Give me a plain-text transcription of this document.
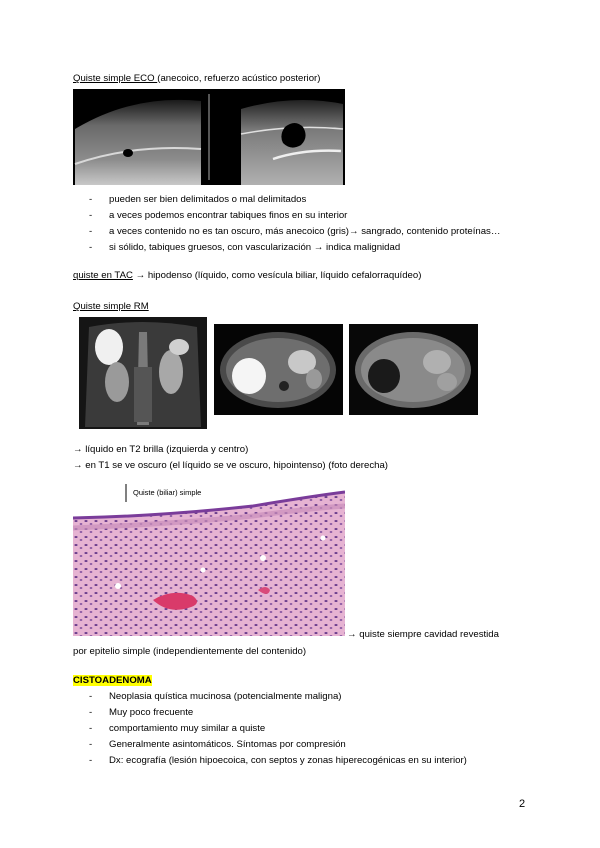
Quiste simple ECO (anecoico, refuerzo acústico posterior)
- pueden ser bien delimitados o mal delimitados
- a veces podemos encontrar tabiques finos en su interior
- a veces contenido no es tan oscuro, más anecoico (gris)→ sangrado, contenido proteínas…
- si sólido, tabiques gruesos, con vascularización → indica malignidad
quiste en TAC → hipodenso (líquido, como vesícula biliar, líquido cefalorraquídeo)
Quiste simple RM
→ líquido en T2 brilla (izquierda y centro)
→ en T1 se ve oscuro (el líquido se ve oscuro, hipointenso) (foto derecha)
Quiste (biliar) simple
→ quiste siempre cavidad revestida
por epitelio simple (independientemente del contenido)
CISTOADENOMA
- Neoplasia quística mucinosa (potencialmente maligna)
- Muy poco frecuente
- comportamiento muy similar a quiste
- Generalmente asintomáticos. Síntomas por compresión
- Dx: ecografía (lesión hipoecoica, con septos y zonas hiperecogénicas en su interior)
2
